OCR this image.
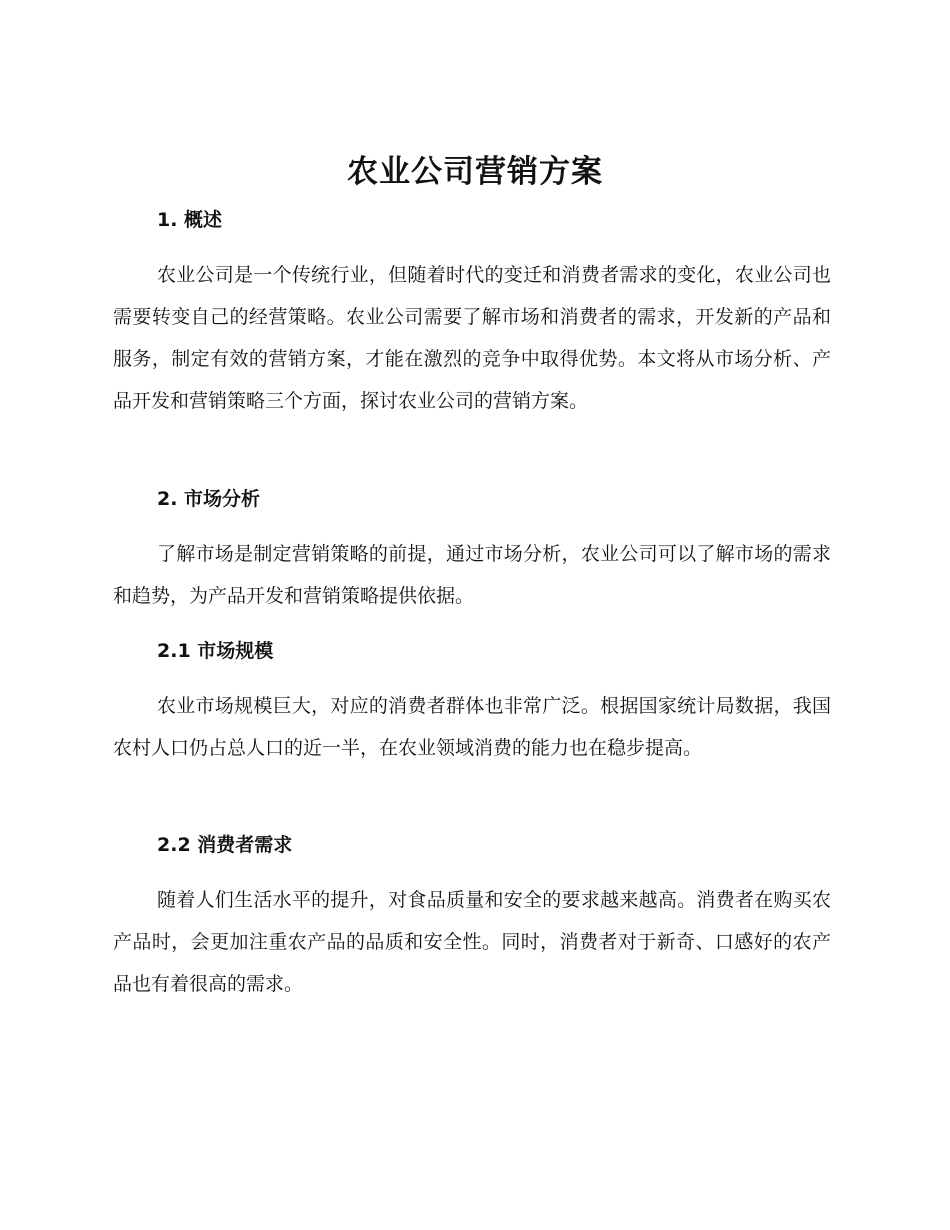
农业公司营销方案
1. 概述

农业公司是一个传统行业，但随着时代的变迁和消费者需求的变化，农业公司也需要转变自己的经营策略。农业公司需要了解市场和消费者的需求，开发新的产品和服务，制定有效的营销方案，才能在激烈的竞争中取得优势。本文将从市场分析、产品开发和营销策略三个方面，探讨农业公司的营销方案。

2. 市场分析

了解市场是制定营销策略的前提，通过市场分析，农业公司可以了解市场的需求和趋势，为产品开发和营销策略提供依据。

2.1 市场规模

农业市场规模巨大，对应的消费者群体也非常广泛。根据国家统计局数据，我国农村人口仍占总人口的近一半，在农业领域消费的能力也在稳步提高。

2.2 消费者需求

随着人们生活水平的提升，对食品质量和安全的要求越来越高。消费者在购买农产品时，会更加注重农产品的品质和安全性。同时，消费者对于新奇、口感好的农产品也有着很高的需求。
